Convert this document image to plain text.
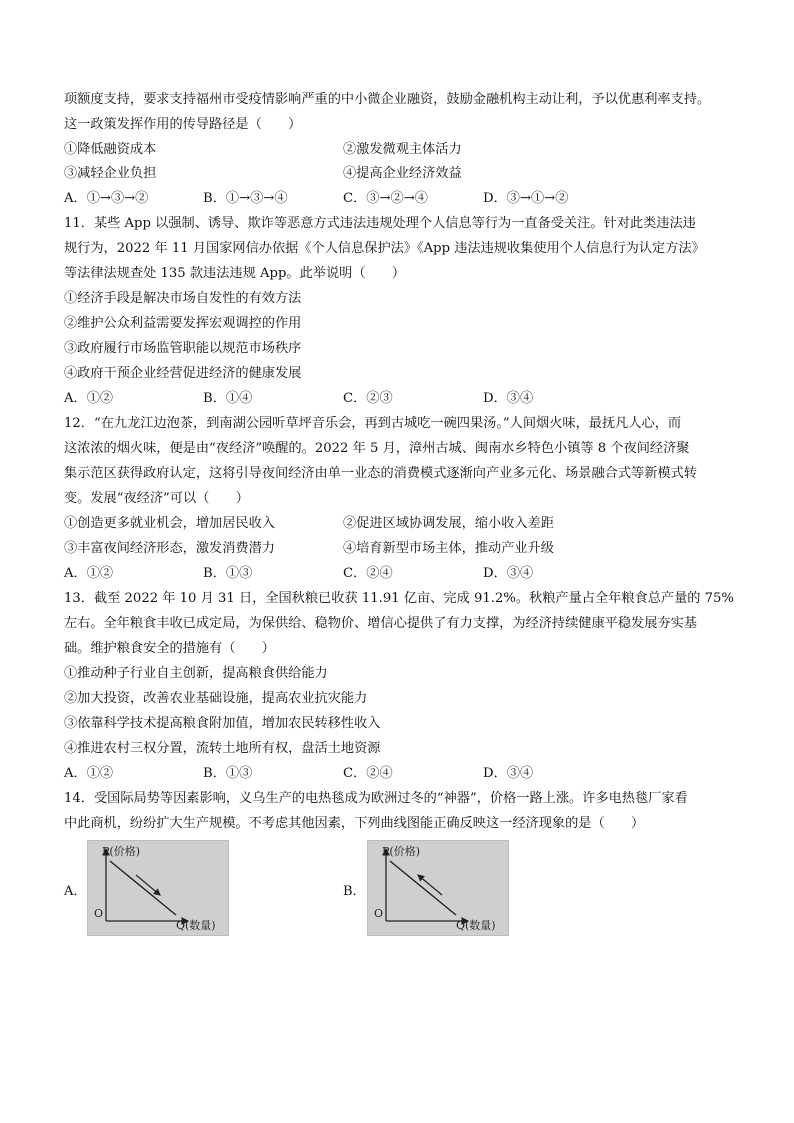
项额度支持，要求支持福州市受疫情影响严重的中小微企业融资，鼓励金融机构主动让利，予以优惠利率支持。
这一政策发挥作用的传导路径是（　　）
①降低融资成本	②激发微观主体活力
③减轻企业负担	④提高企业经济效益
A．①→③→②	B．①→③→④	C．③→②→④	D．③→①→②
11．某些 App 以强制、诱导、欺诈等恶意方式违法违规处理个人信息等行为一直备受关注。针对此类违法违
规行为，2022 年 11 月国家网信办依据《个人信息保护法》《App 违法违规收集使用个人信息行为认定方法》
等法律法规查处 135 款违法违规 App。此举说明（　　）
①经济手段是解决市场自发性的有效方法
②维护公众利益需要发挥宏观调控的作用
③政府履行市场监管职能以规范市场秩序
④政府干预企业经营促进经济的健康发展
A．①②	B．①④	C．②③	D．③④
12．“在九龙江边泡茶，到南湖公园听草坪音乐会，再到古城吃一碗四果汤。”人间烟火味，最抚凡人心，而
这浓浓的烟火味，便是由“夜经济”唤醒的。2022 年 5 月，漳州古城、闽南水乡特色小镇等 8 个夜间经济聚
集示范区获得政府认定，这将引导夜间经济由单一业态的消费模式逐渐向产业多元化、场景融合式等新模式转
变。发展“夜经济”可以（　　）
①创造更多就业机会，增加居民收入	②促进区域协调发展，缩小收入差距
③丰富夜间经济形态，激发消费潜力	④培育新型市场主体，推动产业升级
A．①②	B．①③	C．②④	D．③④
13．截至 2022 年 10 月 31 日，全国秋粮已收获 11.91 亿亩、完成 91.2%。秋粮产量占全年粮食总产量的 75%
左右。全年粮食丰收已成定局，为保供给、稳物价、增信心提供了有力支撑，为经济持续健康平稳发展夯实基
础。维护粮食安全的措施有（　　）
①推动种子行业自主创新，提高粮食供给能力
②加大投资，改善农业基础设施，提高农业抗灾能力
③依靠科学技术提高粮食附加值，增加农民转移性收入
④推进农村三权分置，流转土地所有权，盘活土地资源
A．①②	B．①③	C．②④	D．③④
14．受国际局势等因素影响，义乌生产的电热毯成为欧洲过冬的“神器”，价格一路上涨。许多电热毯厂家看
中此商机，纷纷扩大生产规模。不考虑其他因素，下列曲线图能正确反映这一经济现象的是（　　）
A．
P(价格)
O
Q(数量)
B．
P(价格)
O
Q(数量)
